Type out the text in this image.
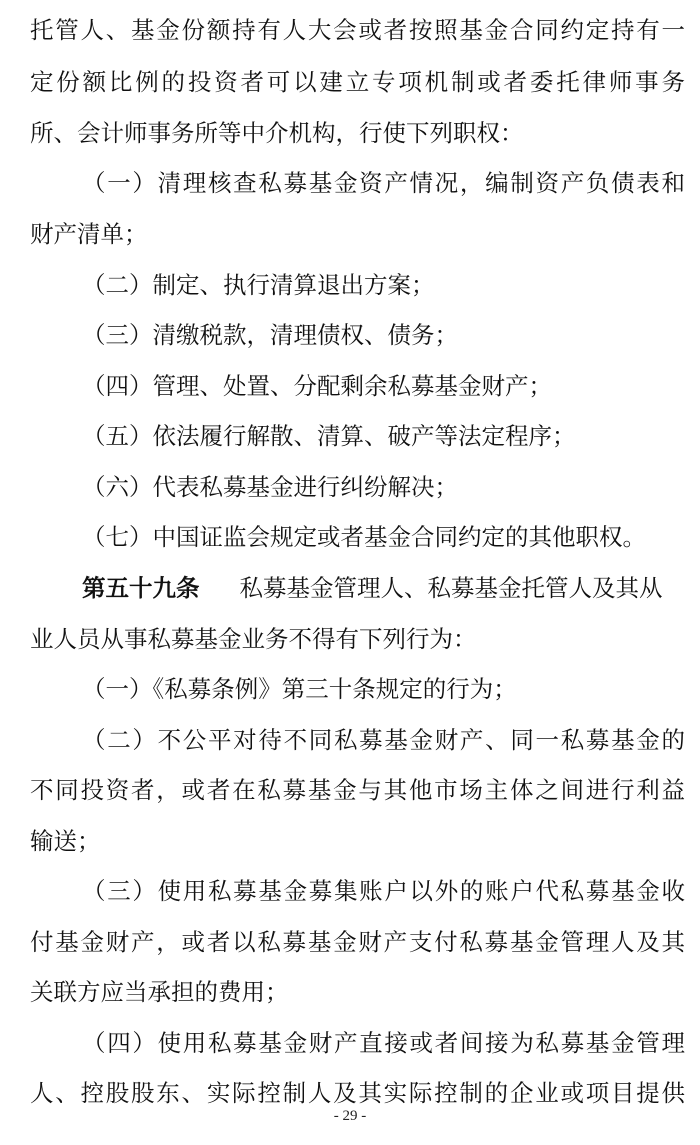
托管人、基金份额持有人大会或者按照基金合同约定持有一
定份额比例的投资者可以建立专项机制或者委托律师事务
所、会计师事务所等中介机构，行使下列职权：
（一）清理核查私募基金资产情况，编制资产负债表和
财产清单；
（二）制定、执行清算退出方案；
（三）清缴税款，清理债权、债务；
（四）管理、处置、分配剩余私募基金财产；
（五）依法履行解散、清算、破产等法定程序；
（六）代表私募基金进行纠纷解决；
（七）中国证监会规定或者基金合同约定的其他职权。
第五十九条 私募基金管理人、私募基金托管人及其从
业人员从事私募基金业务不得有下列行为：
（一）《私募条例》第三十条规定的行为；
（二）不公平对待不同私募基金财产、同一私募基金的
不同投资者，或者在私募基金与其他市场主体之间进行利益
输送；
（三）使用私募基金募集账户以外的账户代私募基金收
付基金财产，或者以私募基金财产支付私募基金管理人及其
关联方应当承担的费用；
（四）使用私募基金财产直接或者间接为私募基金管理
人、控股股东、实际控制人及其实际控制的企业或项目提供
- 29 -
